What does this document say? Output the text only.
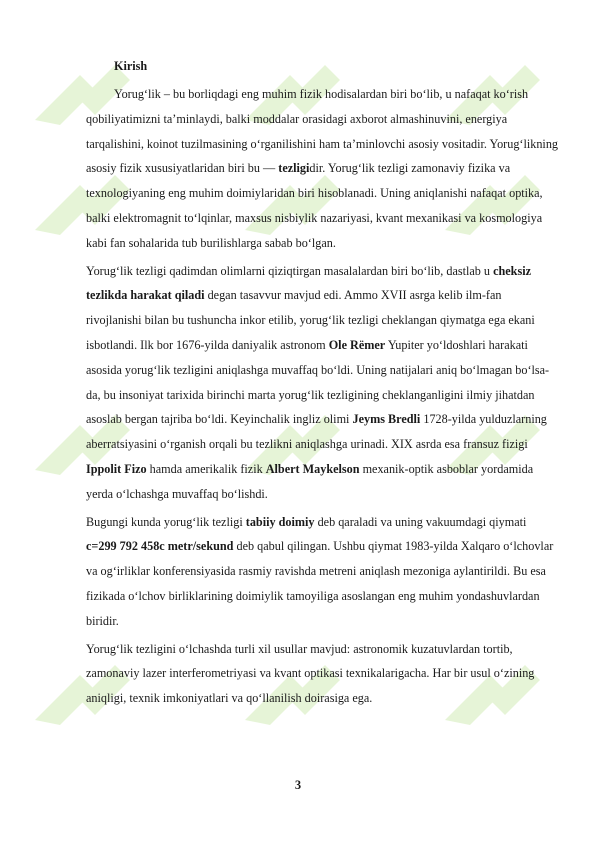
Kirish

Yorug‘lik – bu borliqdagi eng muhim fizik hodisalardan biri bo‘lib, u nafaqat ko‘rish qobiliyatimizni ta’minlaydi, balki moddalar orasidagi axborot almashinuvini, energiya tarqalishini, koinot tuzilmasining o‘rganilishini ham ta’minlovchi asosiy vositadir. Yorug‘likning asosiy fizik xususiyatlaridan biri bu — tezligidir. Yorug‘lik tezligi zamonaviy fizika va texnologiyaning eng muhim doimiylaridan biri hisoblanadi. Uning aniqlanishi nafaqat optika, balki elektromagnit to‘lqinlar, maxsus nisbiylik nazariyasi, kvant mexanikasi va kosmologiya kabi fan sohalarida tub burilishlarga sabab bo‘lgan.

Yorug‘lik tezligi qadimdan olimlarni qiziqtirgan masalalardan biri bo‘lib, dastlab u cheksiz tezlikda harakat qiladi degan tasavvur mavjud edi. Ammo XVII asrga kelib ilm-fan rivojlanishi bilan bu tushuncha inkor etilib, yorug‘lik tezligi cheklangan qiymatga ega ekani isbotlandi. Ilk bor 1676-yilda daniyalik astronom Ole Rëmer Yupiter yo‘ldoshlari harakati asosida yorug‘lik tezligini aniqlashga muvaffaq bo‘ldi. Uning natijalari aniq bo‘lmagan bo‘lsa-da, bu insoniyat tarixida birinchi marta yorug‘lik tezligining cheklanganligini ilmiy jihatdan asoslab bergan tajriba bo‘ldi. Keyinchalik ingliz olimi Jeyms Bredli 1728-yilda yulduzlarning aberratsiyasini o‘rganish orqali bu tezlikni aniqlashga urinadi. XIX asrda esa fransuz fizigi Ippolit Fizo hamda amerikalik fizik Albert Maykelson mexanik-optik asboblar yordamida yerda o‘lchashga muvaffaq bo‘lishdi.

Bugungi kunda yorug‘lik tezligi tabiiy doimiy deb qaraladi va uning vakuumdagi qiymati c=299 792 458c metr/sekund deb qabul qilingan. Ushbu qiymat 1983-yilda Xalqaro o‘lchovlar va og‘irliklar konferensiyasida rasmiy ravishda metreni aniqlash mezoniga aylantirildi. Bu esa fizikada o‘lchov birliklarining doimiylik tamoyiliga asoslangan eng muhim yondashuvlardan biridir.

Yorug‘lik tezligini o‘lchashda turli xil usullar mavjud: astronomik kuzatuvlardan tortib, zamonaviy lazer interferometriyasi va kvant optikasi texnikalarigacha. Har bir usul o‘zining aniqligi, texnik imkoniyatlari va qo‘llanilish doirasiga ega.

3
